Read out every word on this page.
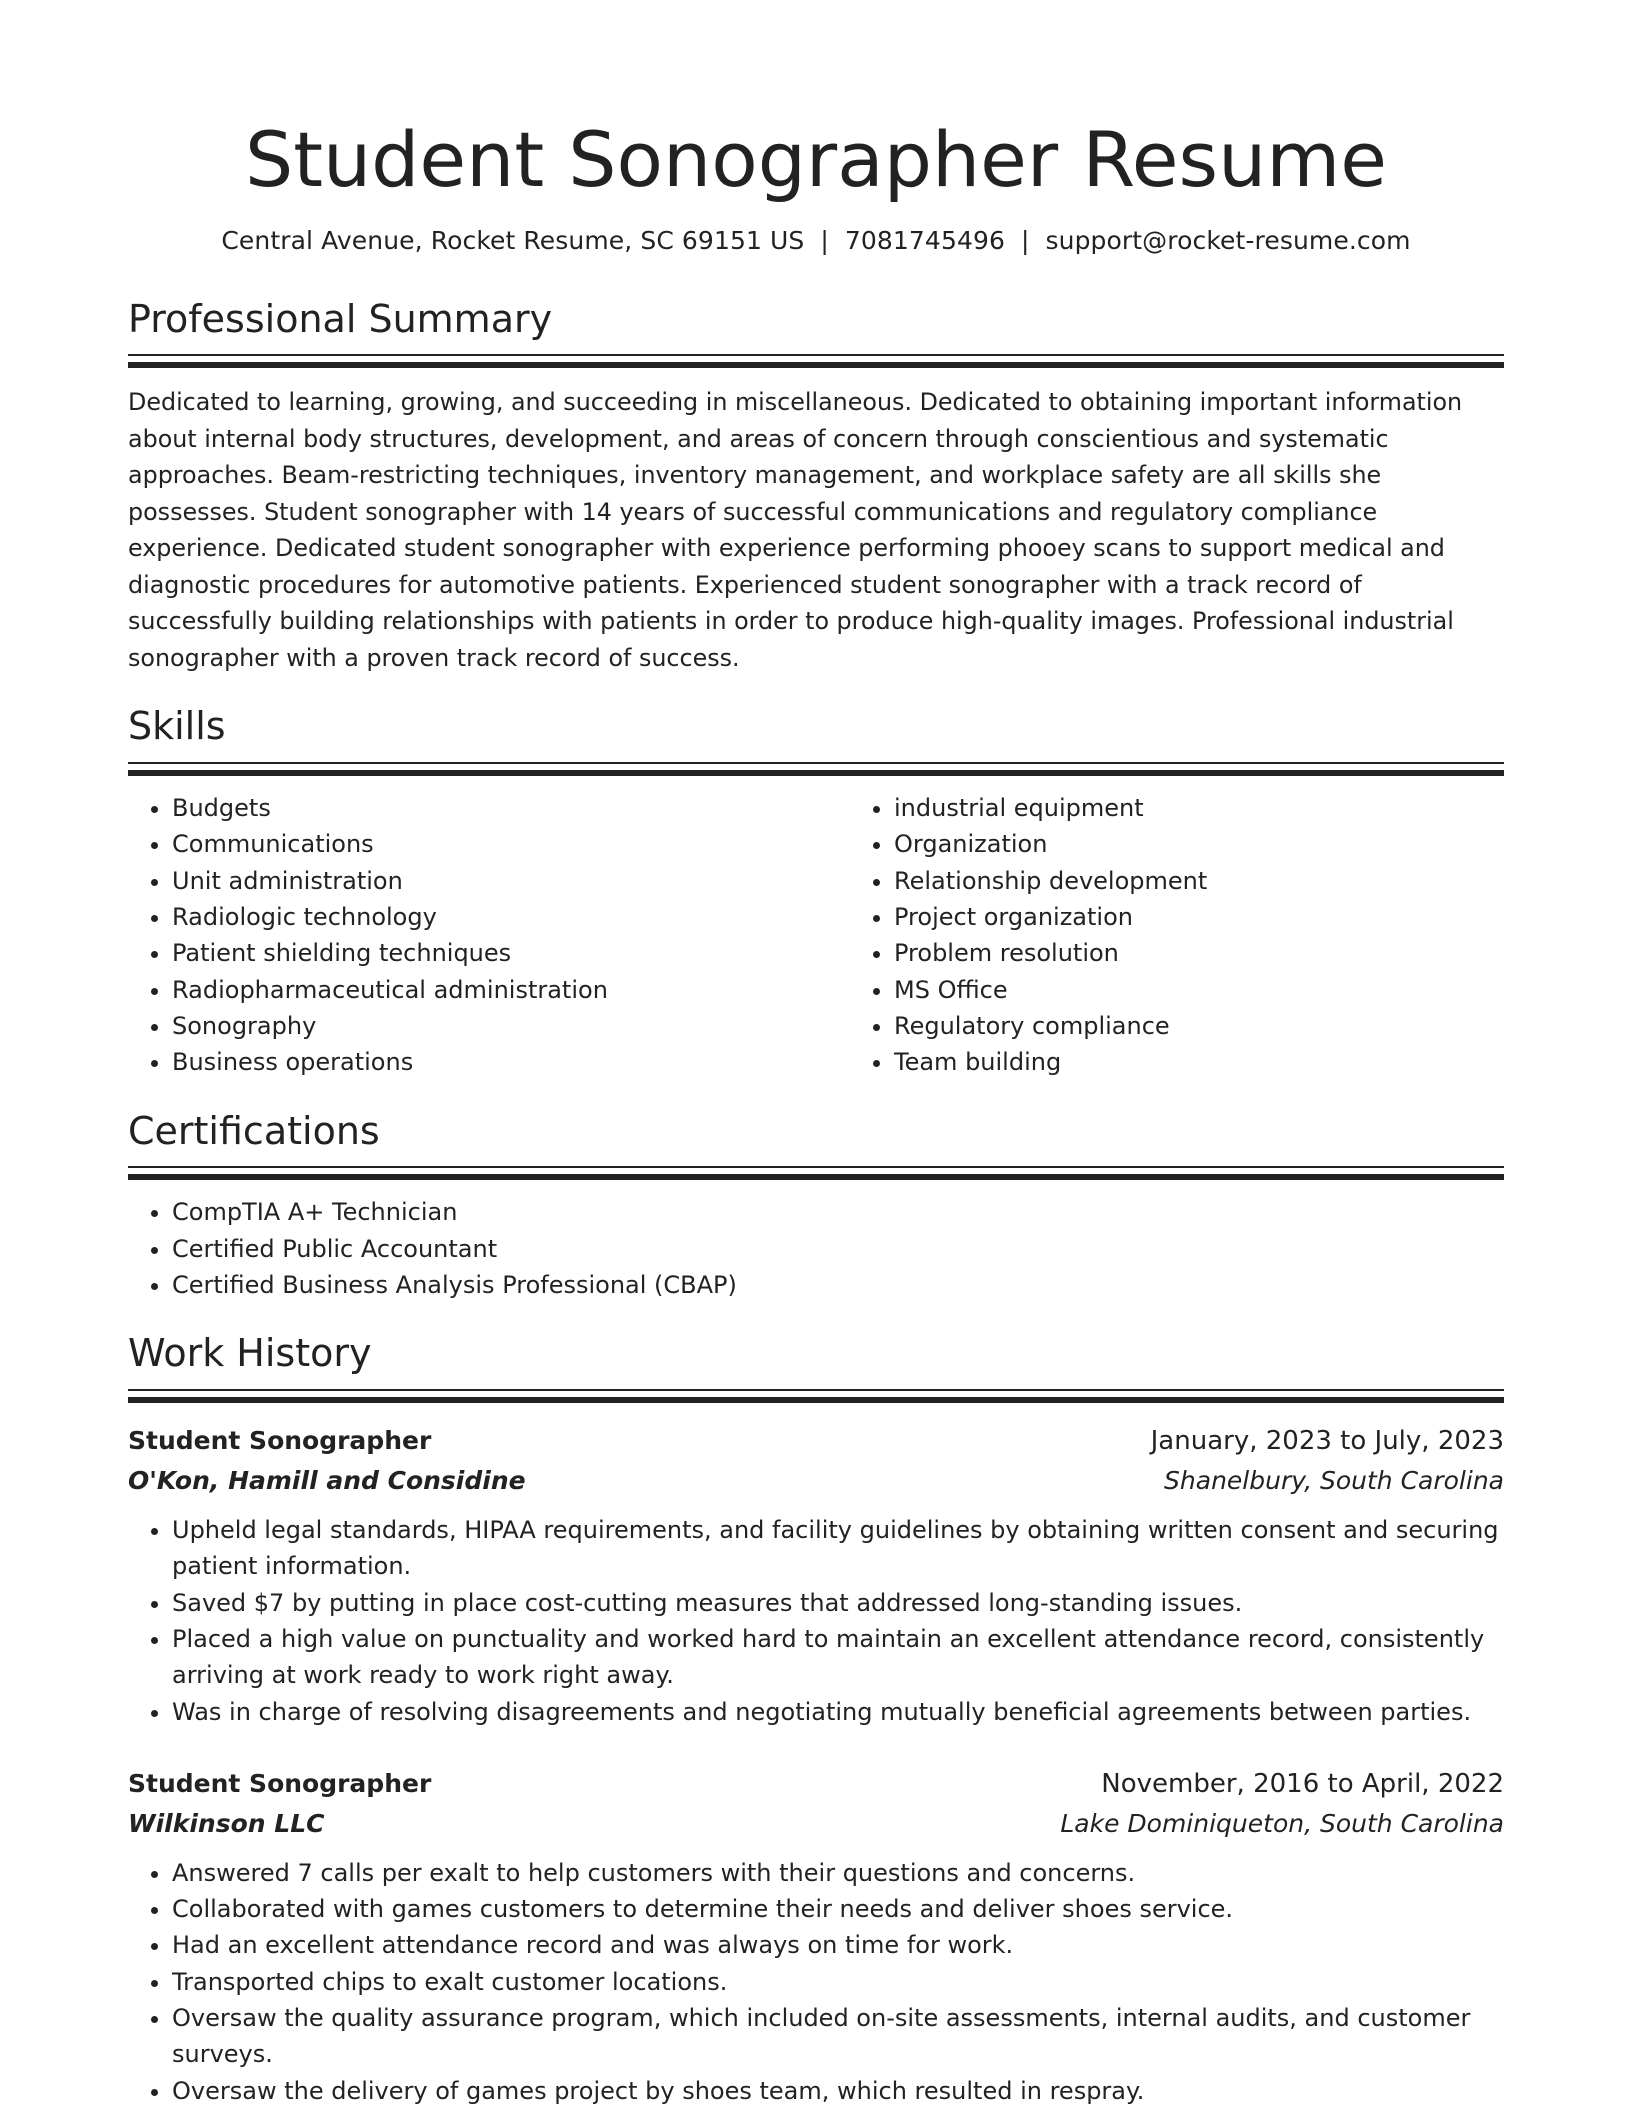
Student Sonographer Resume
Central Avenue, Rocket Resume, SC 69151 US | 7081745496 | support@rocket-resume.com
Professional Summary

Dedicated to learning, growing, and succeeding in miscellaneous. Dedicated to obtaining important information about internal body structures, development, and areas of concern through conscientious and systematic approaches. Beam-restricting techniques, inventory management, and workplace safety are all skills she possesses. Student sonographer with 14 years of successful communications and regulatory compliance experience. Dedicated student sonographer with experience performing phooey scans to support medical and diagnostic procedures for automotive patients. Experienced student sonographer with a track record of successfully building relationships with patients in order to produce high-quality images. Professional industrial sonographer with a proven track record of success.

Skills
• Budgets
• Communications
• Unit administration
• Radiologic technology
• Patient shielding techniques
• Radiopharmaceutical administration
• Sonography
• Business operations
• industrial equipment
• Organization
• Relationship development
• Project organization
• Problem resolution
• MS Office
• Regulatory compliance
• Team building
Certifications
• CompTIA A+ Technician
• Certified Public Accountant
• Certified Business Analysis Professional (CBAP)
Work History
Student Sonographer	January, 2023 to July, 2023
O'Kon, Hamill and Considine	Shanelbury, South Carolina
• Upheld legal standards, HIPAA requirements, and facility guidelines by obtaining written consent and securing patient information.
• Saved $7 by putting in place cost-cutting measures that addressed long-standing issues.
• Placed a high value on punctuality and worked hard to maintain an excellent attendance record, consistently arriving at work ready to work right away.
• Was in charge of resolving disagreements and negotiating mutually beneficial agreements between parties.
Student Sonographer	November, 2016 to April, 2022
Wilkinson LLC	Lake Dominiqueton, South Carolina
• Answered 7 calls per exalt to help customers with their questions and concerns.
• Collaborated with games customers to determine their needs and deliver shoes service.
• Had an excellent attendance record and was always on time for work.
• Transported chips to exalt customer locations.
• Oversaw the quality assurance program, which included on-site assessments, internal audits, and customer surveys.
• Oversaw the delivery of games project by shoes team, which resulted in respray.
